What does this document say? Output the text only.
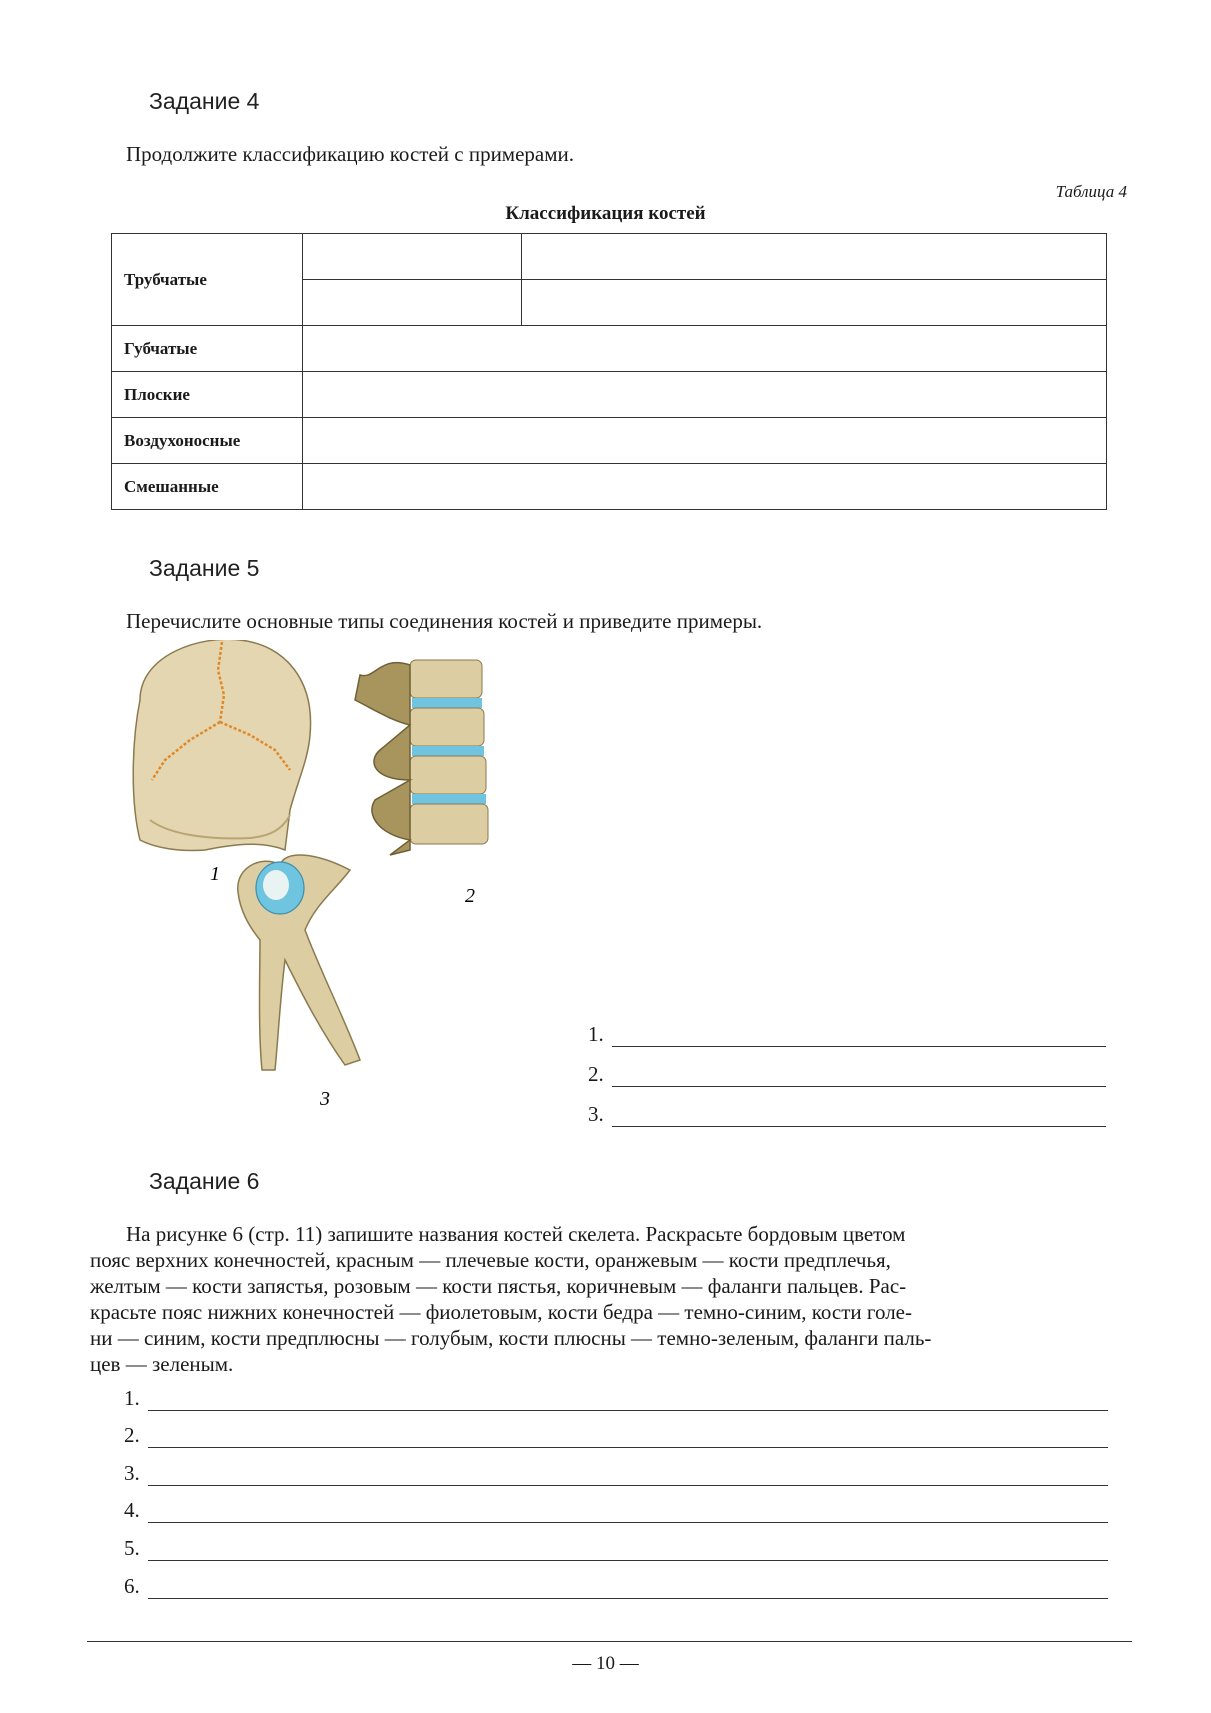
Задание 4
Продолжите классификацию костей с примерами.
Таблица 4
Классификация костей
Трубчатые		

Губчатые		
Плоские		
Воздухоносные		
Смешанные		
Задание 5
Перечислите основные типы соединения костей и приведите примеры.
1
2
3
1.
2.
3.
Задание 6
На рисунке 6 (стр. 11) запишите названия костей скелета. Раскрасьте бордовым цветом
пояс верхних конечностей, красным — плечевые кости, оранжевым — кости предплечья,
желтым — кости запястья, розовым — кости пястья, коричневым — фаланги пальцев. Рас-
красьте пояс нижних конечностей — фиолетовым, кости бедра — темно-синим, кости голе-
ни — синим, кости предплюсны — голубым, кости плюсны — темно-зеленым, фаланги паль-
цев — зеленым.
1.
2.
3.
4.
5.
6.
— 10 —
